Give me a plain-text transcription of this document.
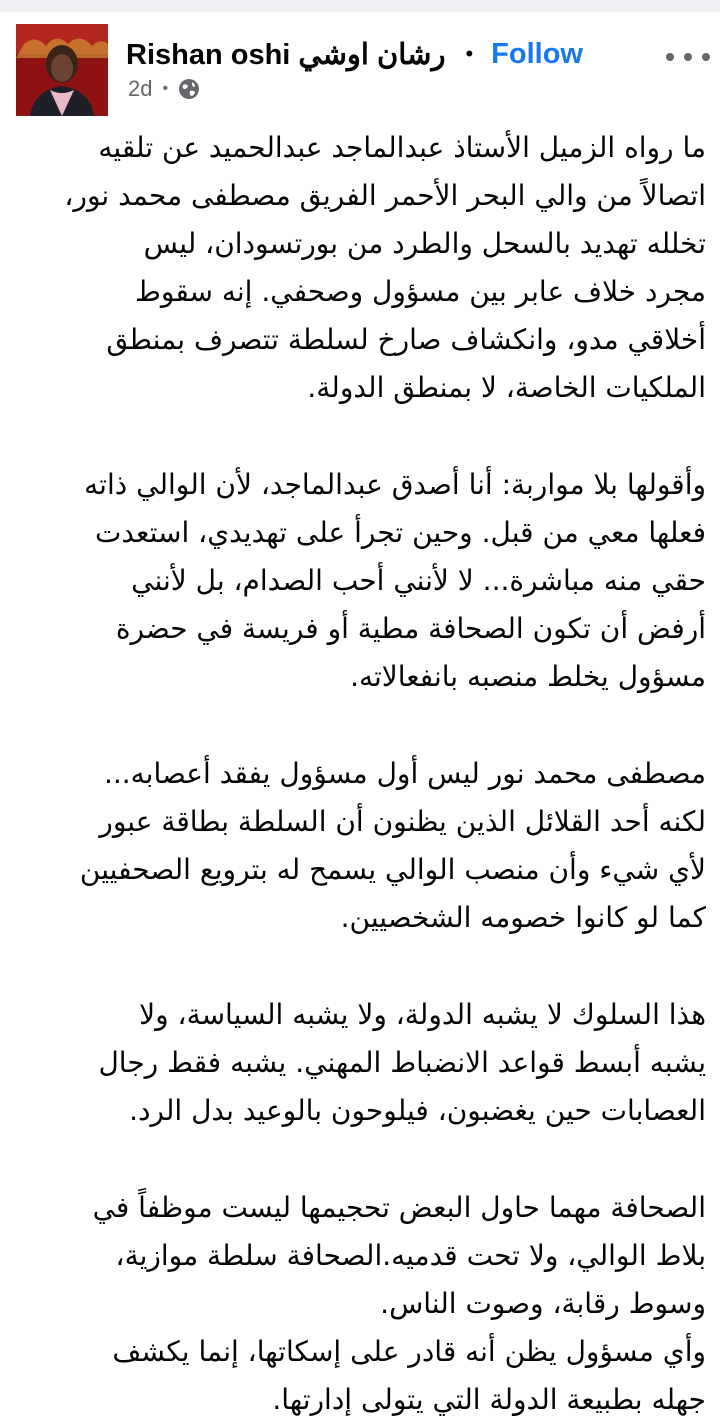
Rishan oshi رشان اوشي • Follow
2d •

ما رواه الزميل الأستاذ عبدالماجد عبدالحميد عن تلقيه
اتصالاً من والي البحر الأحمر الفريق مصطفى محمد نور،
تخلله تهديد بالسحل والطرد من بورتسودان، ليس
مجرد خلاف عابر بين مسؤول وصحفي. إنه سقوط
أخلاقي مدو، وانكشاف صارخ لسلطة تتصرف بمنطق
الملكيات الخاصة، لا بمنطق الدولة.

وأقولها بلا مواربة: أنا أصدق عبدالماجد، لأن الوالي ذاته
فعلها معي من قبل. وحين تجرأ على تهديدي، استعدت
حقي منه مباشرة... لا لأنني أحب الصدام، بل لأنني
أرفض أن تكون الصحافة مطية أو فريسة في حضرة
مسؤول يخلط منصبه بانفعالاته.

مصطفى محمد نور ليس أول مسؤول يفقد أعصابه...
لكنه أحد القلائل الذين يظنون أن السلطة بطاقة عبور
لأي شيء وأن منصب الوالي يسمح له بترويع الصحفيين
كما لو كانوا خصومه الشخصيين.

هذا السلوك لا يشبه الدولة، ولا يشبه السياسة، ولا
يشبه أبسط قواعد الانضباط المهني. يشبه فقط رجال
العصابات حين يغضبون، فيلوحون بالوعيد بدل الرد.

الصحافة مهما حاول البعض تحجيمها ليست موظفاً في
بلاط الوالي، ولا تحت قدميه.الصحافة سلطة موازية،
وسوط رقابة، وصوت الناس.
وأي مسؤول يظن أنه قادر على إسكاتها، إنما يكشف
جهله بطبيعة الدولة التي يتولى إدارتها.
